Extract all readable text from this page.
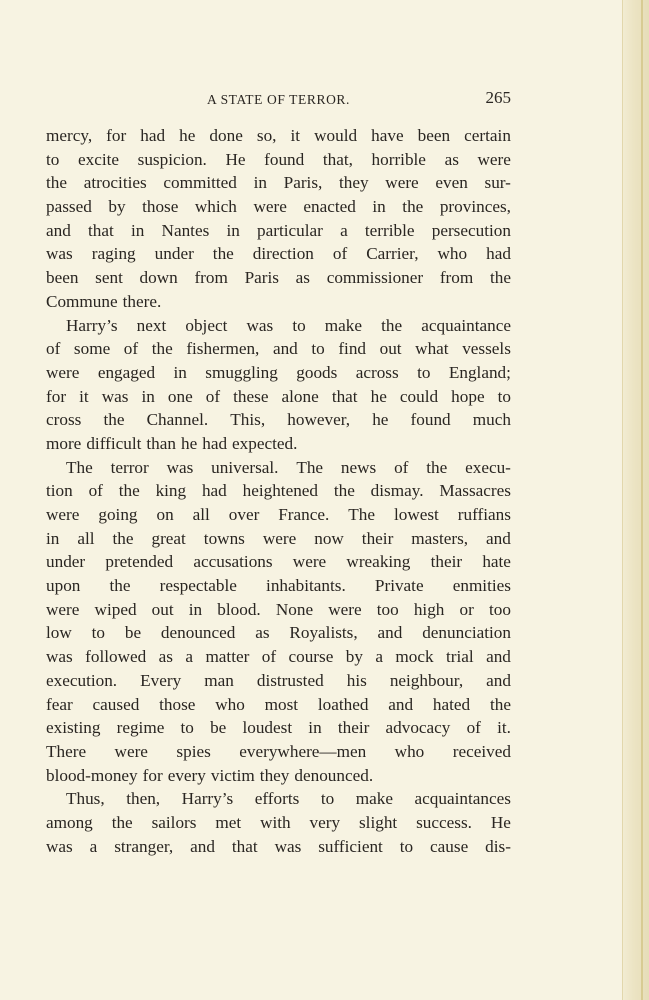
A STATE OF TERROR.	265
mercy, for had he done so, it would have been certain
to excite suspicion. He found that, horrible as were
the atrocities committed in Paris, they were even sur-
passed by those which were enacted in the provinces,
and that in Nantes in particular a terrible persecution
was raging under the direction of Carrier, who had
been sent down from Paris as commissioner from the
Commune there.
Harry’s next object was to make the acquaintance
of some of the fishermen, and to find out what vessels
were engaged in smuggling goods across to England;
for it was in one of these alone that he could hope to
cross the Channel. This, however, he found much
more difficult than he had expected.
The terror was universal. The news of the execu-
tion of the king had heightened the dismay. Massacres
were going on all over France. The lowest ruffians
in all the great towns were now their masters, and
under pretended accusations were wreaking their hate
upon the respectable inhabitants. Private enmities
were wiped out in blood. None were too high or too
low to be denounced as Royalists, and denunciation
was followed as a matter of course by a mock trial and
execution. Every man distrusted his neighbour, and
fear caused those who most loathed and hated the
existing regime to be loudest in their advocacy of it.
There were spies everywhere—men who received
blood-money for every victim they denounced.
Thus, then, Harry’s efforts to make acquaintances
among the sailors met with very slight success. He
was a stranger, and that was sufficient to cause dis-
